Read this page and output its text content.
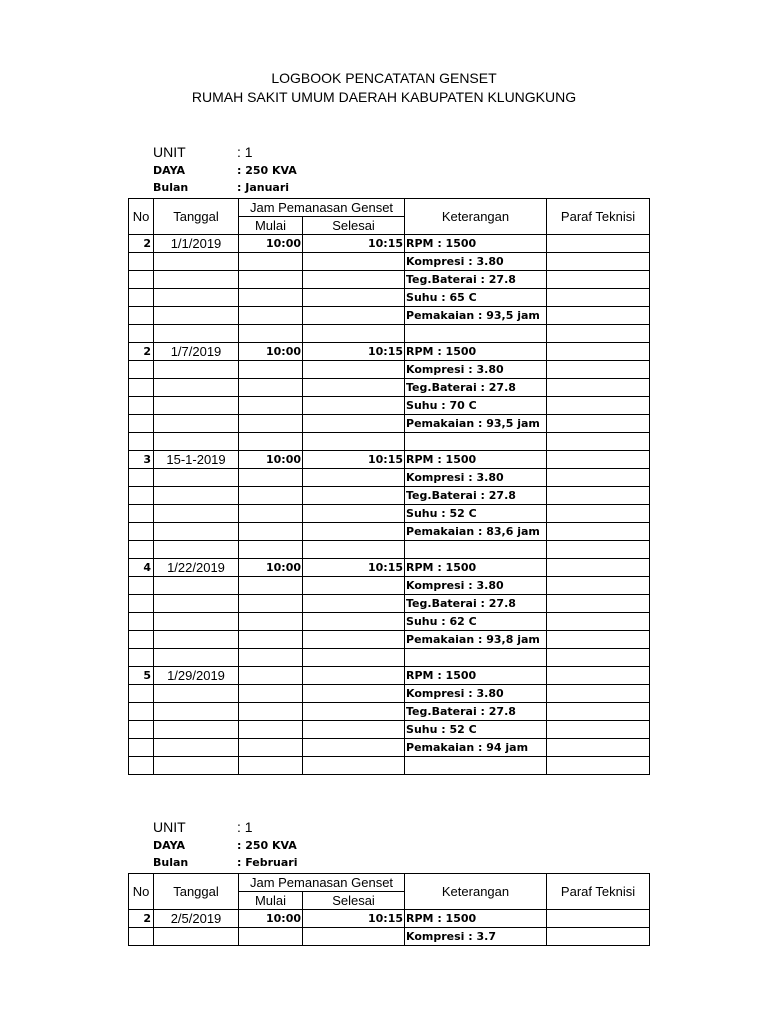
LOGBOOK PENCATATAN GENSET
RUMAH SAKIT UMUM DAERAH KABUPATEN KLUNGKUNG
UNIT	: 1
DAYA	: 250 KVA
Bulan	: Januari
No	Tanggal	Jam Pemanasan Genset		Keterangan	Paraf Teknisi
		Mulai	Selesai		
2	1/1/2019	10:00	10:15	RPM : 1500	
				Kompresi : 3.80	
				Teg.Baterai : 27.8	
				Suhu : 65 C	
				Pemakaian : 93,5 jam	

2	1/7/2019	10:00	10:15	RPM : 1500	
				Kompresi : 3.80	
				Teg.Baterai : 27.8	
				Suhu : 70 C	
				Pemakaian : 93,5 jam	

3	15-1-2019	10:00	10:15	RPM : 1500	
				Kompresi : 3.80	
				Teg.Baterai : 27.8	
				Suhu : 52 C	
				Pemakaian : 83,6 jam	

4	1/22/2019	10:00	10:15	RPM : 1500	
				Kompresi : 3.80	
				Teg.Baterai : 27.8	
				Suhu : 62 C	
				Pemakaian : 93,8 jam	

5	1/29/2019			RPM : 1500	
				Kompresi : 3.80	
				Teg.Baterai : 27.8	
				Suhu : 52 C	
				Pemakaian : 94 jam	

UNIT	: 1
DAYA	: 250 KVA
Bulan	: Februari
No	Tanggal	Jam Pemanasan Genset		Keterangan	Paraf Teknisi
		Mulai	Selesai		
2	2/5/2019	10:00	10:15	RPM : 1500	
				Kompresi : 3.7	
